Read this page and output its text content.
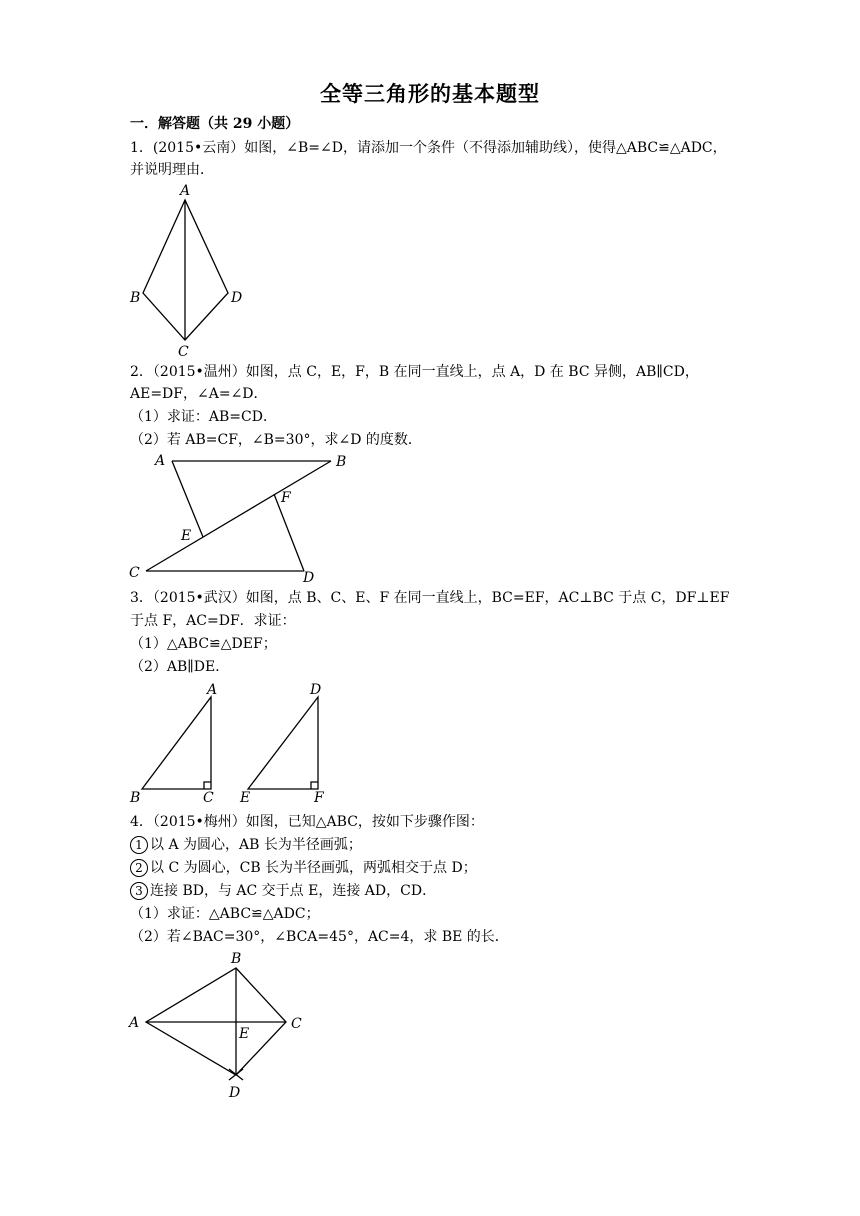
全等三角形的基本题型
一．解答题（共 29 小题）
1．(2015•云南）如图，∠B=∠D，请添加一个条件（不得添加辅助线），使得△ABC≌△ADC，
并说明理由．
A
B
C
D
2．（2015•温州）如图，点 C，E，F，B 在同一直线上，点 A，D 在 BC 异侧，AB∥CD，
AE=DF，∠A=∠D．
（1）求证：AB=CD．
（2）若 AB=CF，∠B=30°，求∠D 的度数．
A	B
C	D
E
F
3．（2015•武汉）如图，点 B、C、E、F 在同一直线上，BC=EF，AC⊥BC 于点 C，DF⊥EF
于点 F，AC=DF．求证：
（1）△ABC≌△DEF；
（2）AB∥DE．
A
B	C
D
E	F
4．（2015•梅州）如图，已知△ABC，按如下步骤作图：
1 以 A 为圆心，AB 长为半径画弧；
2 以 C 为圆心，CB 长为半径画弧，两弧相交于点 D；
3 连接 BD，与 AC 交于点 E，连接 AD，CD．
（1）求证：△ABC≌△ADC；
（2）若∠BAC=30°，∠BCA=45°，AC=4，求 BE 的长．
B
A	C
E
D
